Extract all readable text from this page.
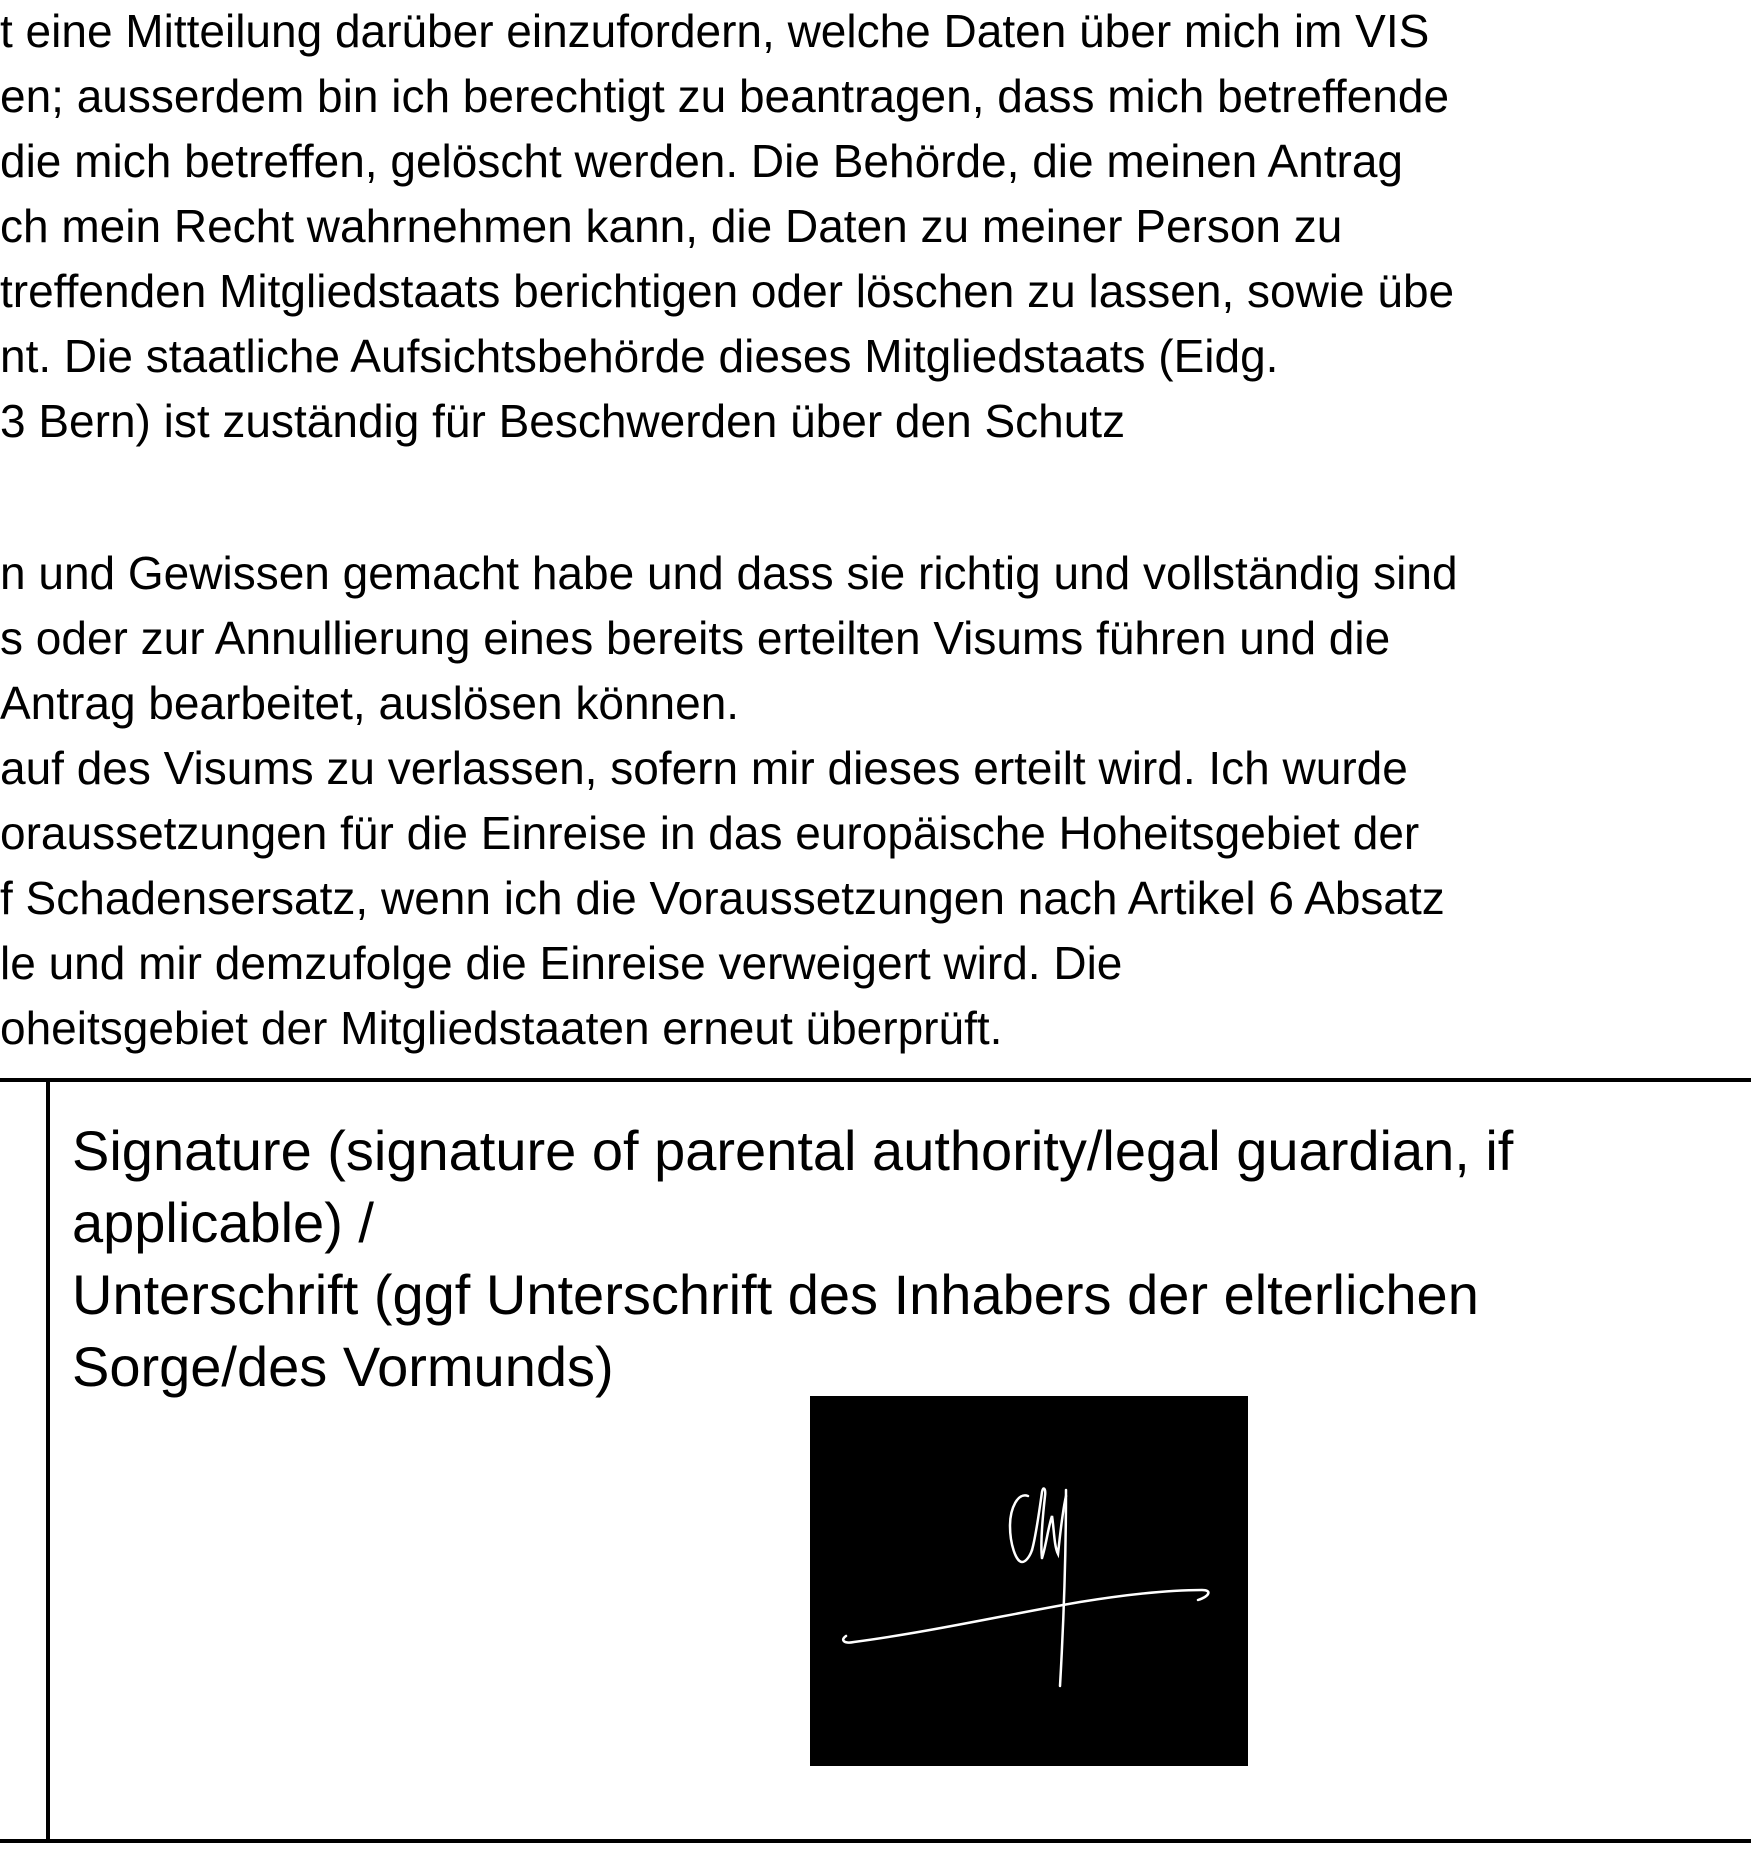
t eine Mitteilung darüber einzufordern, welche Daten über mich im VIS

en; ausserdem bin ich berechtigt zu beantragen, dass mich betreffende

die mich betreffen, gelöscht werden. Die Behörde, die meinen Antrag

ch mein Recht wahrnehmen kann, die Daten zu meiner Person zu

treffenden Mitgliedstaats berichtigen oder löschen zu lassen, sowie übe

nt. Die staatliche Aufsichtsbehörde dieses Mitgliedstaats (Eidg.

3 Bern) ist zuständig für Beschwerden über den Schutz

n und Gewissen gemacht habe und dass sie richtig und vollständig sind

s oder zur Annullierung eines bereits erteilten Visums führen und die

Antrag bearbeitet, auslösen können.

auf des Visums zu verlassen, sofern mir dieses erteilt wird. Ich wurde

oraussetzungen für die Einreise in das europäische Hoheitsgebiet der

f Schadensersatz, wenn ich die Voraussetzungen nach Artikel 6 Absatz

le und mir demzufolge die Einreise verweigert wird. Die

oheitsgebiet der Mitgliedstaaten erneut überprüft.

Signature (signature of parental authority/legal guardian, if
applicable) /
Unterschrift (ggf Unterschrift des Inhabers der elterlichen
Sorge/des Vormunds)
